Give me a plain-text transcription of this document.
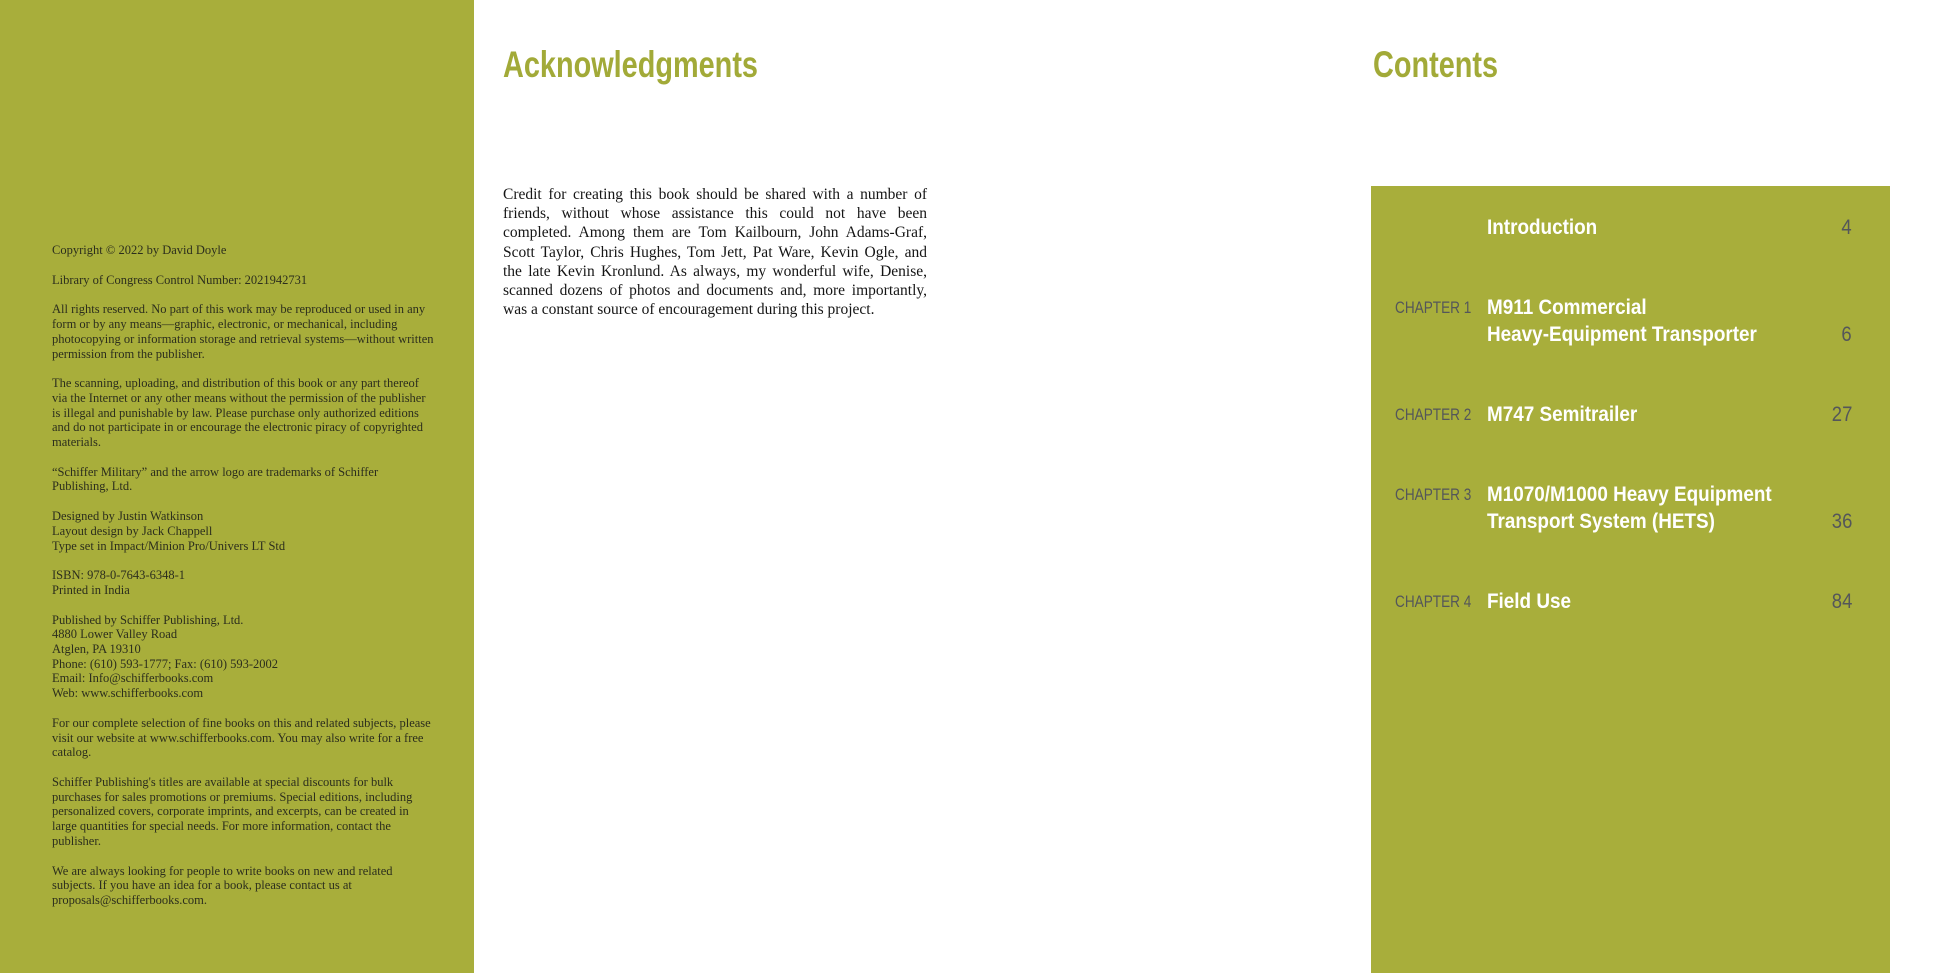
Copyright © 2022 by David Doyle

Library of Congress Control Number: 2021942731

All rights reserved. No part of this work may be reproduced or used in any form or by any means—graphic, electronic, or mechanical, including photocopying or information storage and retrieval systems—without written permission from the publisher.

The scanning, uploading, and distribution of this book or any part thereof via the Internet or any other means without the permission of the publisher is illegal and punishable by law. Please purchase only authorized editions and do not participate in or encourage the electronic piracy of copyrighted materials.

“Schiffer Military” and the arrow logo are trademarks of Schiffer Publishing, Ltd.

Designed by Justin Watkinson
Layout design by Jack Chappell
Type set in Impact/Minion Pro/Univers LT Std

ISBN: 978-0-7643-6348-1
Printed in India

Published by Schiffer Publishing, Ltd.
4880 Lower Valley Road
Atglen, PA 19310
Phone: (610) 593-1777; Fax: (610) 593-2002
Email: Info@schifferbooks.com
Web: www.schifferbooks.com

For our complete selection of fine books on this and related subjects, please visit our website at www.schifferbooks.com. You may also write for a free catalog.

Schiffer Publishing's titles are available at special discounts for bulk purchases for sales promotions or premiums. Special editions, including personalized covers, corporate imprints, and excerpts, can be created in large quantities for special needs. For more information, contact the publisher.

We are always looking for people to write books on new and related subjects. If you have an idea for a book, please contact us at proposals@schifferbooks.com.

Acknowledgments
Credit for creating this book should be shared with a number of friends, without whose assistance this could not have been completed. Among them are Tom Kailbourn, John Adams-Graf, Scott Taylor, Chris Hughes, Tom Jett, Pat Ware, Kevin Ogle, and the late Kevin Kronlund. As always, my wonderful wife, Denise, scanned dozens of photos and documents and, more importantly, was a constant source of encouragement during this project.
Contents
Introduction	4
CHAPTER 1 M911 Commercial
Heavy-Equipment Transporter	6
CHAPTER 2 M747 Semitrailer	27
CHAPTER 3 M1070/M1000 Heavy Equipment
Transport System (HETS)	36
CHAPTER 4 Field Use	84
